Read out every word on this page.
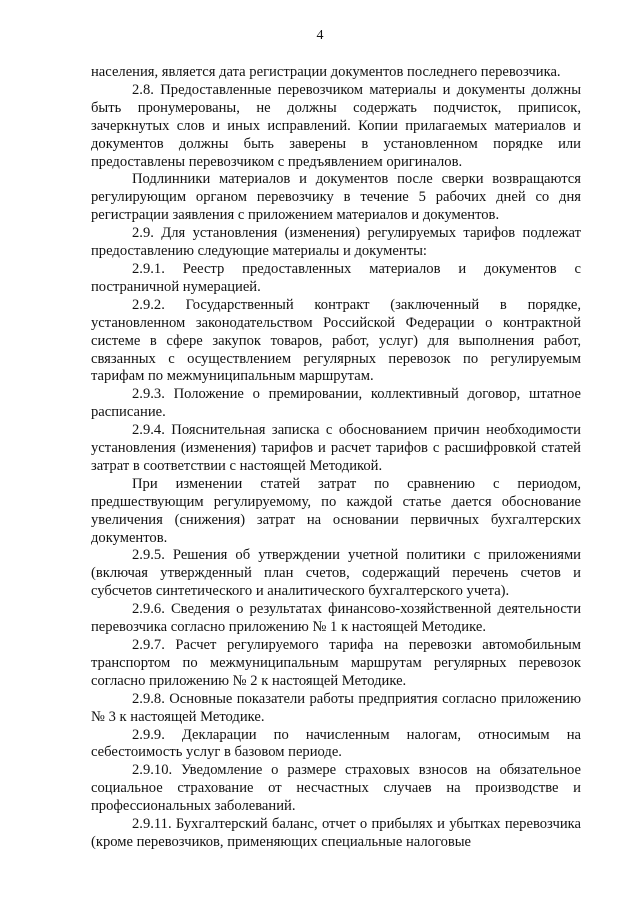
4

населения, является дата регистрации документов последнего перевозчика.

2.8. Предоставленные перевозчиком материалы и документы должны быть пронумерованы, не должны содержать подчисток, приписок, зачеркнутых слов и иных исправлений. Копии прилагаемых материалов и документов должны быть заверены в установленном порядке или предоставлены перевозчиком с предъявлением оригиналов.

Подлинники материалов и документов после сверки возвращаются регулирующим органом перевозчику в течение 5 рабочих дней со дня регистрации заявления с приложением материалов и документов.

2.9. Для установления (изменения) регулируемых тарифов подлежат предоставлению следующие материалы и документы:

2.9.1. Реестр предоставленных материалов и документов с постраничной нумерацией.

2.9.2. Государственный контракт (заключенный в порядке, установленном законодательством Российской Федерации о контрактной системе в сфере закупок товаров, работ, услуг) для выполнения работ, связанных с осуществлением регулярных перевозок по регулируемым тарифам по межмуниципальным маршрутам.

2.9.3. Положение о премировании, коллективный договор, штатное расписание.

2.9.4. Пояснительная записка с обоснованием причин необходимости установления (изменения) тарифов и расчет тарифов с расшифровкой статей затрат в соответствии с настоящей Методикой.

При изменении статей затрат по сравнению с периодом, предшествующим регулируемому, по каждой статье дается обоснование увеличения (снижения) затрат на основании первичных бухгалтерских документов.

2.9.5. Решения об утверждении учетной политики с приложениями (включая утвержденный план счетов, содержащий перечень счетов и субсчетов синтетического и аналитического бухгалтерского учета).

2.9.6. Сведения о результатах финансово-хозяйственной деятельности перевозчика согласно приложению № 1 к настоящей Методике.

2.9.7. Расчет регулируемого тарифа на перевозки автомобильным транспортом по межмуниципальным маршрутам регулярных перевозок согласно приложению № 2 к настоящей Методике.

2.9.8. Основные показатели работы предприятия согласно приложению № 3 к настоящей Методике.

2.9.9. Декларации по начисленным налогам, относимым на себестоимость услуг в базовом периоде.

2.9.10. Уведомление о размере страховых взносов на обязательное социальное страхование от несчастных случаев на производстве и профессиональных заболеваний.

2.9.11. Бухгалтерский баланс, отчет о прибылях и убытках перевозчика (кроме перевозчиков, применяющих специальные налоговые
